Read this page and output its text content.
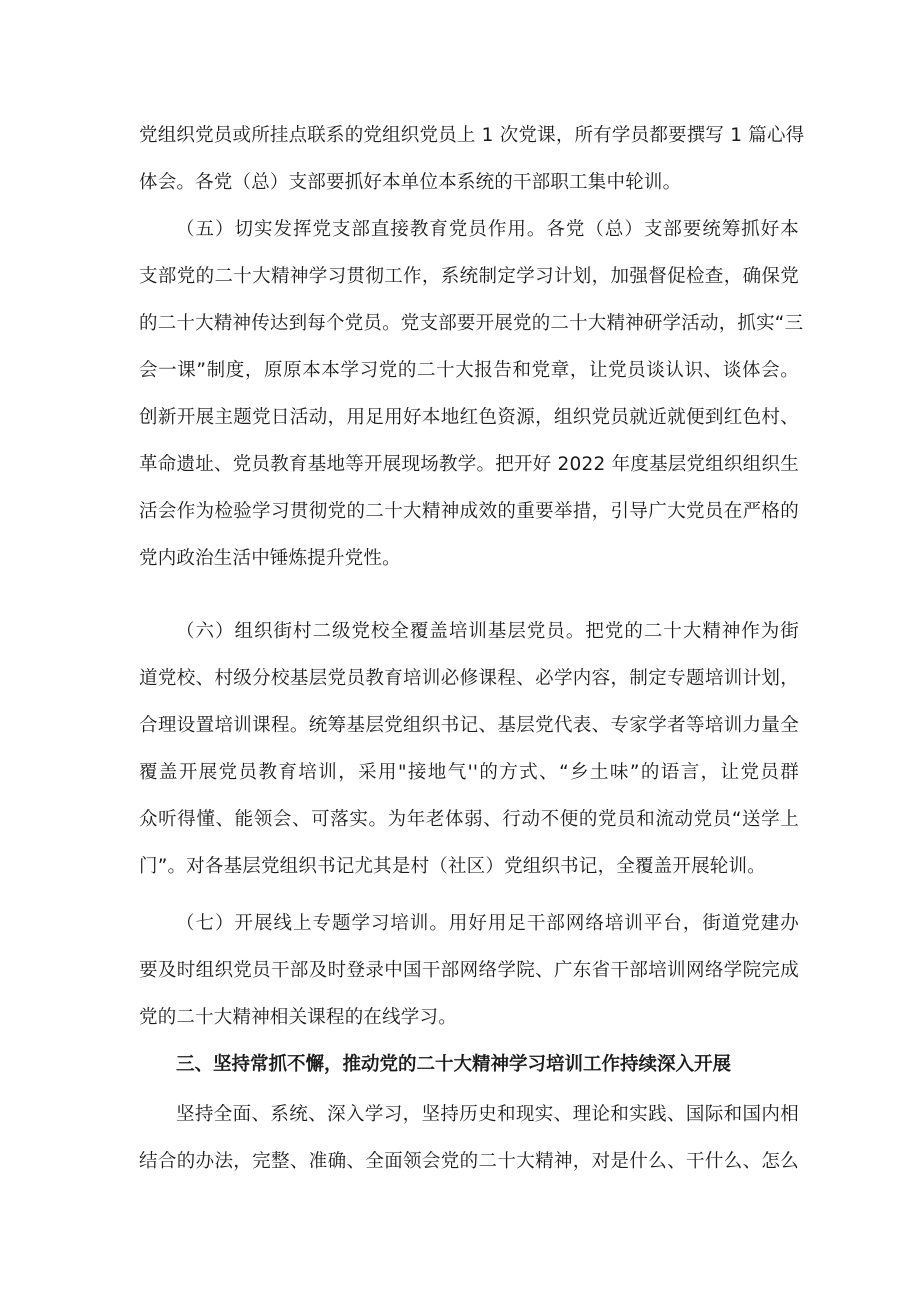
党组织党员或所挂点联系的党组织党员上 1 次党课，所有学员都要撰写 1 篇心得
体会。各党（总）支部要抓好本单位本系统的干部职工集中轮训。
（五）切实发挥党支部直接教育党员作用。各党（总）支部要统筹抓好本
支部党的二十大精神学习贯彻工作，系统制定学习计划，加强督促检查，确保党
的二十大精神传达到每个党员。党支部要开展党的二十大精神研学活动，抓实“三
会一课”制度，原原本本学习党的二十大报告和党章，让党员谈认识、谈体会。
创新开展主题党日活动，用足用好本地红色资源，组织党员就近就便到红色村、
革命遗址、党员教育基地等开展现场教学。把开好 2022 年度基层党组织组织生
活会作为检验学习贯彻党的二十大精神成效的重要举措，引导广大党员在严格的
党内政治生活中锤炼提升党性。
（六）组织街村二级党校全覆盖培训基层党员。把党的二十大精神作为街
道党校、村级分校基层党员教育培训必修课程、必学内容，制定专题培训计划，
合理设置培训课程。统筹基层党组织书记、基层党代表、专家学者等培训力量全
覆盖开展党员教育培训，采用"接地气''的方式、“乡土味”的语言，让党员群
众听得懂、能领会、可落实。为年老体弱、行动不便的党员和流动党员“送学上
门”。对各基层党组织书记尤其是村（社区）党组织书记，全覆盖开展轮训。
（七）开展线上专题学习培训。用好用足干部网络培训平台，街道党建办
要及时组织党员干部及时登录中国干部网络学院、广东省干部培训网络学院完成
党的二十大精神相关课程的在线学习。
三、坚持常抓不懈，推动党的二十大精神学习培训工作持续深入开展
坚持全面、系统、深入学习，坚持历史和现实、理论和实践、国际和国内相
结合的办法，完整、准确、全面领会党的二十大精神，对是什么、干什么、怎么
